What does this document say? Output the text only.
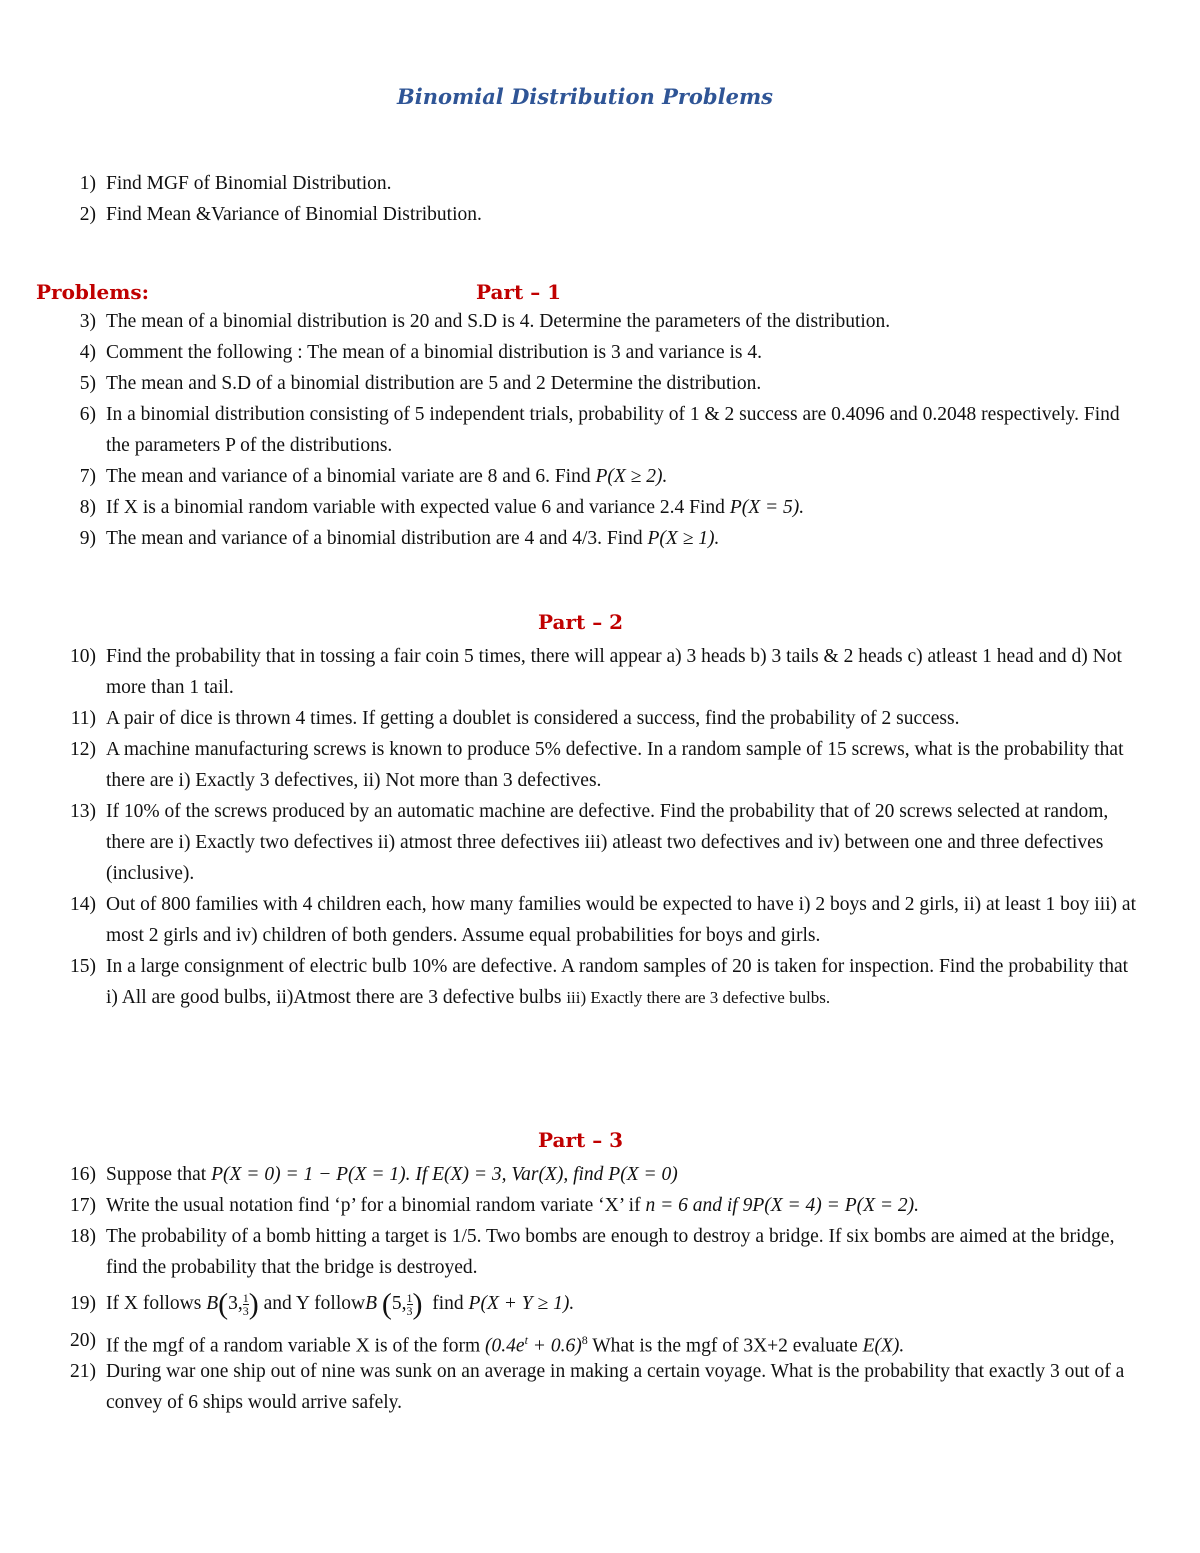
Binomial Distribution Problems
1) Find MGF of Binomial Distribution.
2) Find Mean &Variance of Binomial Distribution.
Problems:	Part – 1
3) The mean of a binomial distribution is 20 and S.D is 4. Determine the parameters of the distribution.
4) Comment the following : The mean of a binomial distribution is 3 and variance is 4.
5) The mean and S.D of a binomial distribution are 5 and 2 Determine the distribution.
6) In a binomial distribution consisting of 5 independent trials, probability of 1 & 2 success are 0.4096 and 0.2048 respectively. Find the parameters P of the distributions.
7) The mean and variance of a binomial variate are 8 and 6. Find P(X ≥ 2).
8) If X is a binomial random variable with expected value 6 and variance 2.4 Find P(X = 5).
9) The mean and variance of a binomial distribution are 4 and 4/3. Find P(X ≥ 1).
Part – 2
10) Find the probability that in tossing a fair coin 5 times, there will appear a) 3 heads b) 3 tails & 2 heads c) atleast 1 head and d) Not more than 1 tail.
11) A pair of dice is thrown 4 times. If getting a doublet is considered a success, find the probability of 2 success.
12) A machine manufacturing screws is known to produce 5% defective. In a random sample of 15 screws, what is the probability that there are i) Exactly 3 defectives, ii) Not more than 3 defectives.
13) If 10% of the screws produced by an automatic machine are defective. Find the probability that of 20 screws selected at random, there are i) Exactly two defectives ii) atmost three defectives iii) atleast two defectives and iv) between one and three defectives (inclusive).
14) Out of 800 families with 4 children each, how many families would be expected to have i) 2 boys and 2 girls, ii) at least 1 boy iii) at most 2 girls and iv) children of both genders. Assume equal probabilities for boys and girls.
15) In a large consignment of electric bulb 10% are defective. A random samples of 20 is taken for inspection. Find the probability that i) All are good bulbs, ii)Atmost there are 3 defective bulbs iii) Exactly there are 3 defective bulbs.
Part – 3
16) Suppose that P(X = 0) = 1 − P(X = 1). If E(X) = 3, Var(X), find P(X = 0)
17) Write the usual notation find ‘p’ for a binomial random variate ‘X’ if n = 6 and if 9P(X = 4) = P(X = 2).
18) The probability of a bomb hitting a target is 1/5. Two bombs are enough to destroy a bridge. If six bombs are aimed at the bridge, find the probability that the bridge is destroyed.
19) If X follows B(3, $\frac{1}{3}$ ) and Y followB (5, $\frac{1}{3}$ ) find P(X + Y ≥ 1).
20) If the mgf of a random variable X is of the form $(0.4e^t + 0.6)^8$ What is the mgf of 3X+2 evaluate E(X).
21) During war one ship out of nine was sunk on an average in making a certain voyage. What is the probability that exactly 3 out of a convey of 6 ships would arrive safely.
